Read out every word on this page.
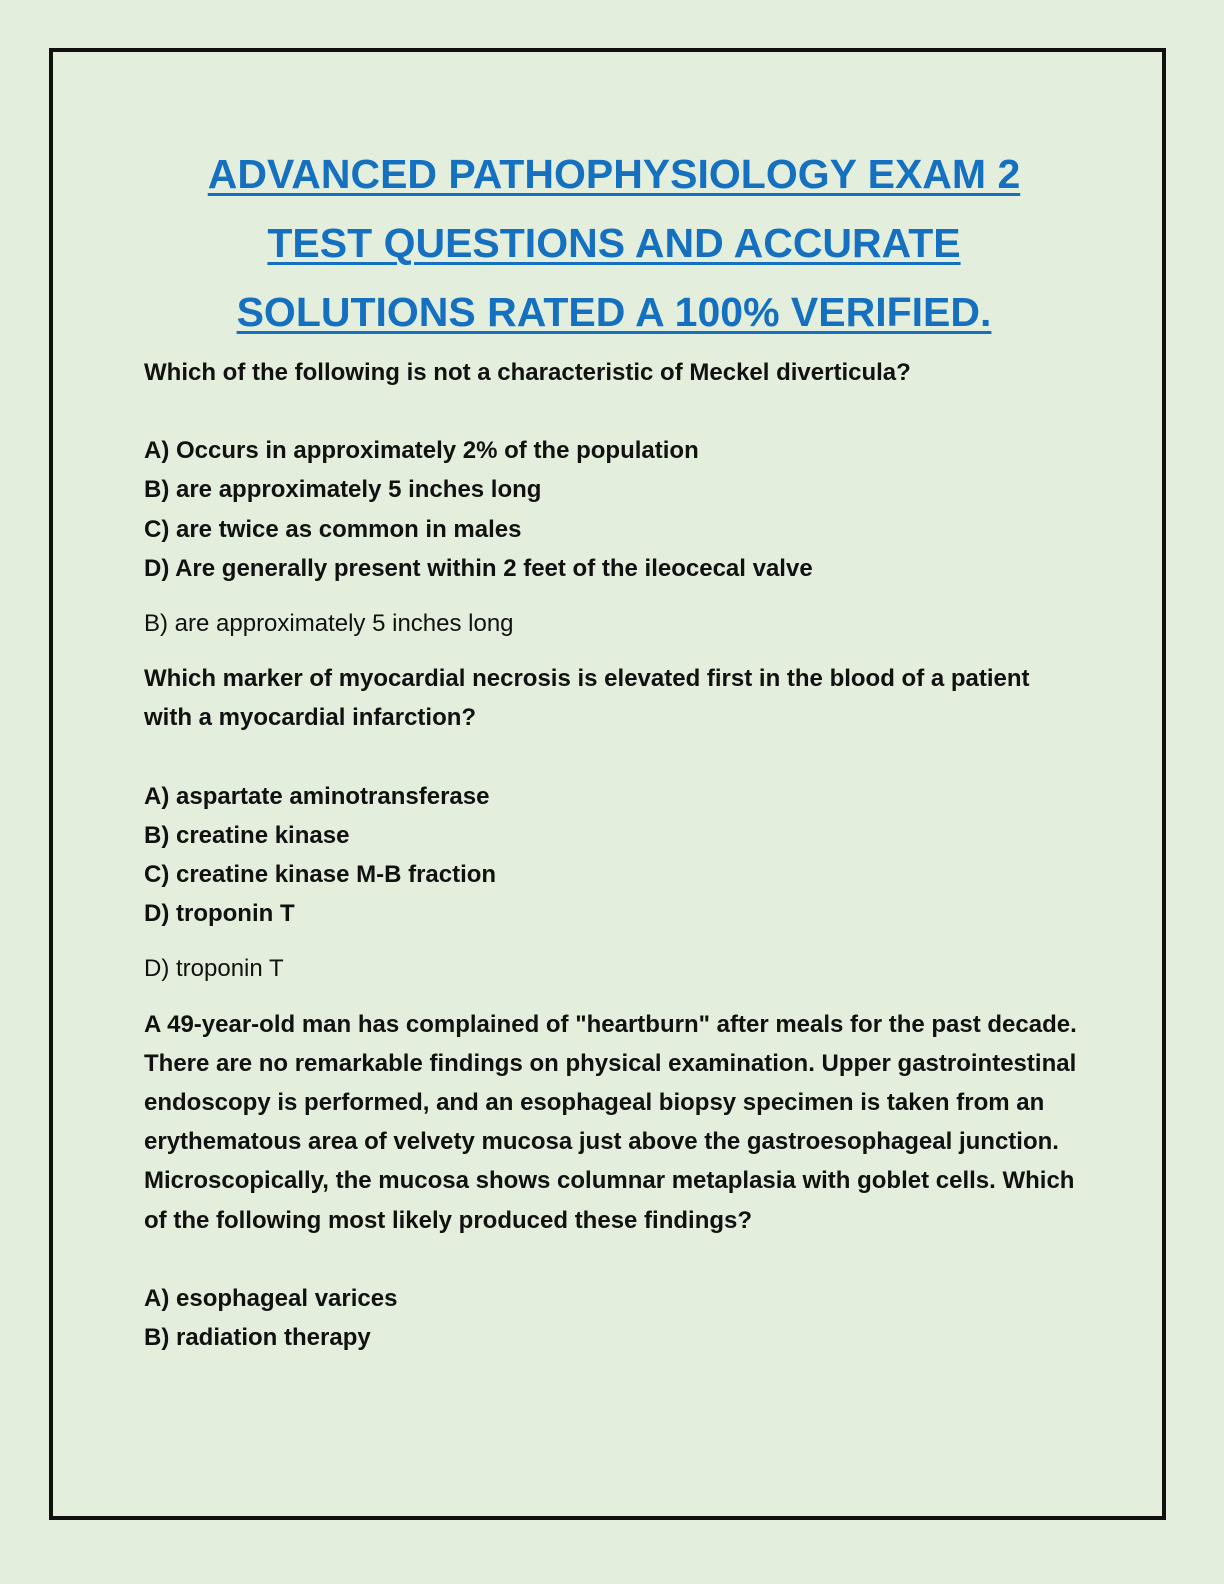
ADVANCED PATHOPHYSIOLOGY EXAM 2
TEST QUESTIONS AND ACCURATE
SOLUTIONS RATED A 100% VERIFIED.

Which of the following is not a characteristic of Meckel diverticula?

A) Occurs in approximately 2% of the population

B) are approximately 5 inches long

C) are twice as common in males

D) Are generally present within 2 feet of the ileocecal valve

B) are approximately 5 inches long

Which marker of myocardial necrosis is elevated first in the blood of a patient with a myocardial infarction?

A) aspartate aminotransferase

B) creatine kinase

C) creatine kinase M-B fraction

D) troponin T

D) troponin T

A 49-year-old man has complained of "heartburn" after meals for the past decade. There are no remarkable findings on physical examination. Upper gastrointestinal endoscopy is performed, and an esophageal biopsy specimen is taken from an erythematous area of velvety mucosa just above the gastroesophageal junction. Microscopically, the mucosa shows columnar metaplasia with goblet cells. Which of the following most likely produced these findings?

A) esophageal varices

B) radiation therapy
